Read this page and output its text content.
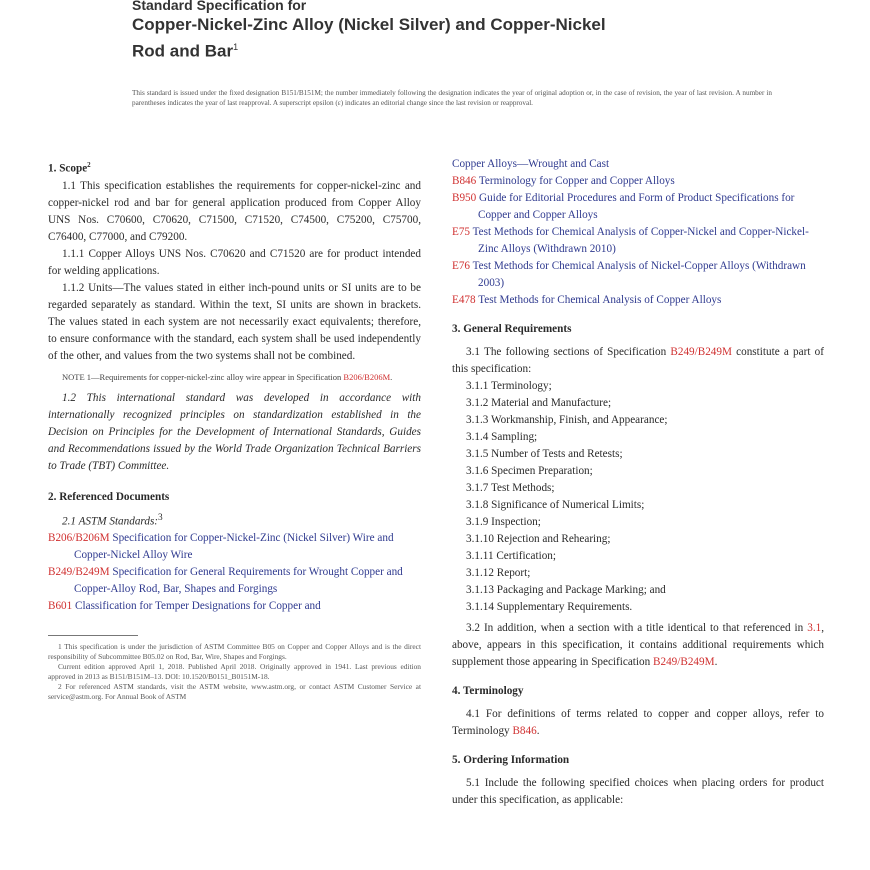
Standard Specification for
Copper-Nickel-Zinc Alloy (Nickel Silver) and Copper-Nickel
Rod and Bar$^1$
This standard is issued under the fixed designation B151/B151M; the number immediately following the designation indicates the year of original adoption or, in the case of revision, the year of last revision. A number in parentheses indicates the year of last reapproval. A superscript epsilon (ε) indicates an editorial change since the last revision or reapproval.

1. Scope$^2$

1.1 This specification establishes the requirements for copper-nickel-zinc and copper-nickel rod and bar for general application produced from Copper Alloy UNS Nos. C70600, C70620, C71500, C71520, C74500, C75200, C75700, C76400, C77000, and C79200.

1.1.1 Copper Alloys UNS Nos. C70620 and C71520 are for product intended for welding applications.

1.1.2 Units—The values stated in either inch-pound units or SI units are to be regarded separately as standard. Within the text, SI units are shown in brackets. The values stated in each system are not necessarily exact equivalents; therefore, to ensure conformance with the standard, each system shall be used independently of the other, and values from the two systems shall not be combined.

NOTE 1—Requirements for copper-nickel-zinc alloy wire appear in Specification B206/B206M.

1.2 This international standard was developed in accordance with internationally recognized principles on standardization established in the Decision on Principles for the Development of International Standards, Guides and Recommendations issued by the World Trade Organization Technical Barriers to Trade (TBT) Committee.

2. Referenced Documents

2.1 ASTM Standards:$^3$

B206/B206M Specification for Copper-Nickel-Zinc (Nickel Silver) Wire and Copper-Nickel Alloy Wire

B249/B249M Specification for General Requirements for Wrought Copper and Copper-Alloy Rod, Bar, Shapes and Forgings

B601 Classification for Temper Designations for Copper and

1 This specification is under the jurisdiction of ASTM Committee B05 on Copper and Copper Alloys and is the direct responsibility of Subcommittee B05.02 on Rod, Bar, Wire, Shapes and Forgings.

Current edition approved April 1, 2018. Published April 2018. Originally approved in 1941. Last previous edition approved in 2013 as B151/B151M–13. DOI: 10.1520/B0151_B0151M-18.

2 For referenced ASTM standards, visit the ASTM website, www.astm.org, or contact ASTM Customer Service at service@astm.org. For Annual Book of ASTM

Copper Alloys—Wrought and Cast

B846 Terminology for Copper and Copper Alloys

B950 Guide for Editorial Procedures and Form of Product Specifications for Copper and Copper Alloys

E75 Test Methods for Chemical Analysis of Copper-Nickel and Copper-Nickel-Zinc Alloys (Withdrawn 2010)

E76 Test Methods for Chemical Analysis of Nickel-Copper Alloys (Withdrawn 2003)

E478 Test Methods for Chemical Analysis of Copper Alloys

3. General Requirements

3.1 The following sections of Specification B249/B249M constitute a part of this specification:

3.1.1 Terminology;

3.1.2 Material and Manufacture;

3.1.3 Workmanship, Finish, and Appearance;

3.1.4 Sampling;

3.1.5 Number of Tests and Retests;

3.1.6 Specimen Preparation;

3.1.7 Test Methods;

3.1.8 Significance of Numerical Limits;

3.1.9 Inspection;

3.1.10 Rejection and Rehearing;

3.1.11 Certification;

3.1.12 Report;

3.1.13 Packaging and Package Marking; and

3.1.14 Supplementary Requirements.

3.2 In addition, when a section with a title identical to that referenced in 3.1, above, appears in this specification, it contains additional requirements which supplement those appearing in Specification B249/B249M.

4. Terminology

4.1 For definitions of terms related to copper and copper alloys, refer to Terminology B846.

5. Ordering Information

5.1 Include the following specified choices when placing orders for product under this specification, as applicable:
